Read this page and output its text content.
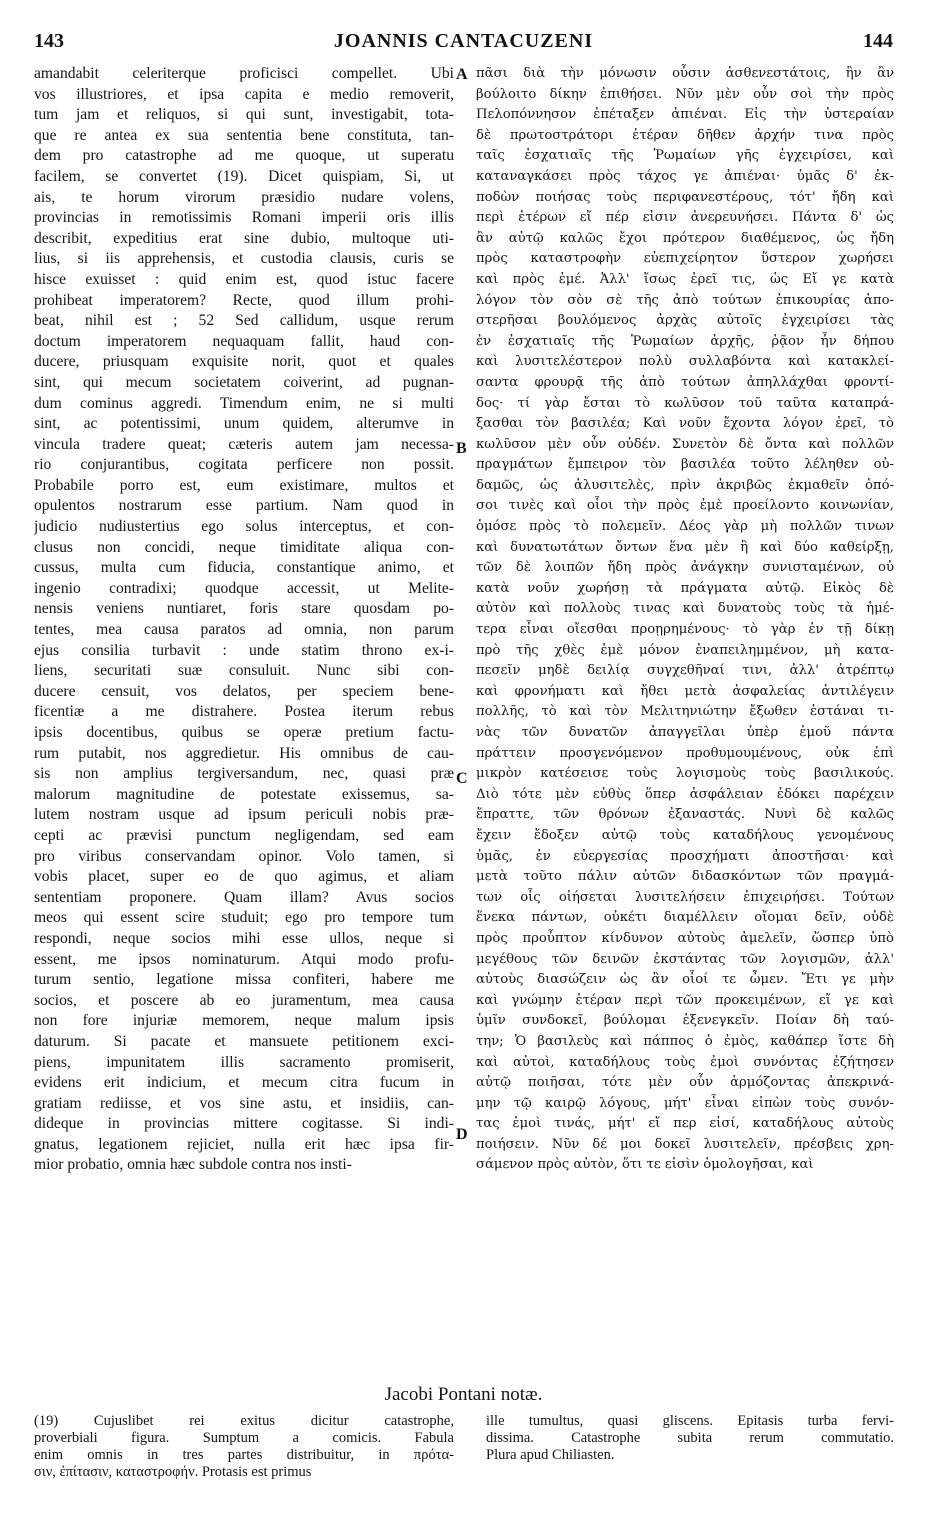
143	JOANNIS CANTACUZENI	144
amandabit celeriterque proficisci compellet. Ubi
vos illustriores, et ipsa capita e medio removerit,
tum jam et reliquos, si qui sunt, investigabit, tota-
que re antea ex sua sententia bene constituta, tan-
dem pro catastrophe ad me quoque, ut superatu
facilem, se convertet (19). Dicet quispiam, Si, ut
ais, te horum virorum præsidio nudare volens,
provincias in remotissimis Romani imperii oris illis
describit, expeditius erat sine dubio, multoque uti-
lius, si iis apprehensis, et custodia clausis, curis se
hisce exuisset : quid enim est, quod istuc facere
prohibeat imperatorem? Recte, quod illum prohi-
beat, nihil est ; 52 Sed callidum, usque rerum
doctum imperatorem nequaquam fallit, haud con-
ducere, priusquam exquisite norit, quot et quales
sint, qui mecum societatem coiverint, ad pugnan-
dum cominus aggredi. Timendum enim, ne si multi
sint, ac potentissimi, unum quidem, alterumve in
vincula tradere queat; cæteris autem jam necessa-
rio conjurantibus, cogitata perficere non possit.
Probabile porro est, eum existimare, multos et
opulentos nostrarum esse partium. Nam quod in
judicio nudiustertius ego solus interceptus, et con-
clusus non concidi, neque timiditate aliqua con-
cussus, multa cum fiducia, constantique animo, et
ingenio contradixi; quodque accessit, ut Melite-
nensis veniens nuntiaret, foris stare quosdam po-
tentes, mea causa paratos ad omnia, non parum
ejus consilia turbavit : unde statim throno ex-i-
liens, securitati suæ consuluit. Nunc sibi con-
ducere censuit, vos delatos, per speciem bene-
ficentiæ a me distrahere. Postea iterum rebus
ipsis docentibus, quibus se operæ pretium factu-
rum putabit, nos aggredietur. His omnibus de cau-
sis non amplius tergiversandum, nec, quasi præ
malorum magnitudine de potestate exissemus, sa-
lutem nostram usque ad ipsum periculi nobis præ-
cepti ac prævisi punctum negligendam, sed eam
pro viribus conservandam opinor. Volo tamen, si
vobis placet, super eo de quo agimus, et aliam
sententiam proponere. Quam illam? Avus socios
meos qui essent scire studuit; ego pro tempore tum
respondi, neque socios mihi esse ullos, neque si
essent, me ipsos nominaturum. Atqui modo profu-
turum sentio, legatione missa confiteri, habere me
socios, et poscere ab eo juramentum, mea causa
non fore injuriæ memorem, neque malum ipsis
daturum. Si pacate et mansuete petitionem exci-
piens, impunitatem illis sacramento promiserit,
evidens erit indicium, et mecum citra fucum in
gratiam rediisse, et vos sine astu, et insidiis, can-
dideque in provincias mittere cogitasse. Si indi-
gnatus, legationem rejiciet, nulla erit hæc ipsa fir-
mior probatio, omnia hæc subdole contra nos insti-
πᾶσι διὰ τὴν μόνωσιν οὖσιν ἀσθενεστάτοις, ἣν ἂν
βούλοιτο δίκην ἐπιθήσει. Νῦν μὲν οὖν σοὶ τὴν πρὸς
Πελοπόννησον ἐπέταξεν ἀπιέναι. Εἰς τὴν ὑστεραίαν
δὲ πρωτοστράτορι ἑτέραν δῆθεν ἀρχήν τινα πρὸς
ταῖς ἐσχατιαῖς τῆς Ῥωμαίων γῆς ἐγχειρίσει, καὶ
καταναγκάσει πρὸς τάχος γε ἀπιέναι· ὑμᾶς δ' ἐκ-
ποδὼν ποιήσας τοὺς περιφανεστέρους, τότ' ἤδη καὶ
περὶ ἑτέρων εἴ πέρ εἰσιν ἀνερευνήσει. Πάντα δ' ὡς
ἂν αὐτῷ καλῶς ἔχοι πρότερον διαθέμενος, ὡς ἤδη
πρὸς καταστροφὴν εὐεπιχείρητον ὕστερον χωρήσει
καὶ πρὸς ἐμέ. Ἀλλ' ἴσως ἐρεῖ τις, ὡς Εἴ γε κατὰ
λόγον τὸν σὸν σὲ τῆς ἀπὸ τούτων ἐπικουρίας ἀπο-
στερῆσαι βουλόμενος ἀρχὰς αὐτοῖς ἐγχειρίσει τὰς
ἐν ἐσχατιαῖς τῆς Ῥωμαίων ἀρχῆς, ῥᾷον ἦν δήπου
καὶ λυσιτελέστερον πολὺ συλλαβόντα καὶ κατακλεί-
σαντα φρουρᾷ τῆς ἀπὸ τούτων ἀπηλλάχθαι φροντί-
δος· τί γὰρ ἔσται τὸ κωλῦσον τοῦ ταῦτα καταπρά-
ξασθαι τὸν βασιλέα; Καὶ νοῦν ἔχοντα λόγον ἐρεῖ, τὸ
κωλῦσον μὲν οὖν οὐδέν. Συνετὸν δὲ ὄντα καὶ πολλῶν
πραγμάτων ἔμπειρον τὸν βασιλέα τοῦτο λέληθεν οὐ-
δαμῶς, ὡς ἀλυσιτελὲς, πρὶν ἀκριβῶς ἐκμαθεῖν ὁπό-
σοι τινὲς καὶ οἷοι τὴν πρὸς ἐμὲ προείλοντο κοινωνίαν,
ὁμόσε πρὸς τὸ πολεμεῖν. Δέος γὰρ μὴ πολλῶν τινων
καὶ δυνατωτάτων ὄντων ἕνα μὲν ἢ καὶ δύο καθείρξῃ,
τῶν δὲ λοιπῶν ἤδη πρὸς ἀνάγκην συνισταμένων, οὐ
κατὰ νοῦν χωρήσῃ τὰ πράγματα αὐτῷ. Εἰκὸς δὲ
αὐτὸν καὶ πολλοὺς τινας καὶ δυνατοὺς τοὺς τὰ ἡμέ-
τερα εἶναι οἴεσθαι προῃρημένους· τὸ γὰρ ἐν τῇ δίκῃ
πρὸ τῆς χθὲς ἐμὲ μόνον ἐναπειλημμένον, μὴ κατα-
πεσεῖν μηδὲ δειλίᾳ συγχεθῆναί τινι, ἀλλ' ἀτρέπτῳ
καὶ φρονήματι καὶ ἤθει μετὰ ἀσφαλείας ἀντιλέγειν
πολλῆς, τὸ καὶ τὸν Μελιτηνιώτην ἔξωθεν ἑστάναι τι-
νὰς τῶν δυνατῶν ἀπαγγεῖλαι ὑπὲρ ἐμοῦ πάντα
πράττειν προσγενόμενον προθυμουμένους, οὐκ ἐπὶ
μικρὸν κατέσεισε τοὺς λογισμοὺς τοὺς βασιλικούς.
Διὸ τότε μὲν εὐθὺς ὅπερ ἀσφάλειαν ἐδόκει παρέχειν
ἔπραττε, τῶν θρόνων ἐξαναστάς. Νυνὶ δὲ καλῶς
ἔχειν ἔδοξεν αὐτῷ τοὺς καταδήλους γενομένους
ὑμᾶς, ἐν εὐεργεσίας προσχήματι ἀποστῆσαι· καὶ
μετὰ τοῦτο πάλιν αὐτῶν διδασκόντων τῶν πραγμά-
των οἷς οἰήσεται λυσιτελήσειν ἐπιχειρήσει. Τούτων
ἕνεκα πάντων, οὐκέτι διαμέλλειν οἴομαι δεῖν, οὐδὲ
πρὸς προὖπτον κίνδυνον αὐτοὺς ἀμελεῖν, ὥσπερ ὑπὸ
μεγέθους τῶν δεινῶν ἐκστάντας τῶν λογισμῶν, ἀλλ'
αὐτοὺς διασώζειν ὡς ἂν οἷοί τε ὦμεν. Ἔτι γε μὴν
καὶ γνώμην ἑτέραν περὶ τῶν προκειμένων, εἴ γε καὶ
ὑμῖν συνδοκεῖ, βούλομαι ἐξενεγκεῖν. Ποίαν δὴ ταύ-
την; Ὁ βασιλεὺς καὶ πάππος ὁ ἐμὸς, καθάπερ ἴστε δὴ
καὶ αὐτοὶ, καταδήλους τοὺς ἐμοὶ συνόντας ἐζήτησεν
αὐτῷ ποιῆσαι, τότε μὲν οὖν ἁρμόζοντας ἀπεκρινά-
μην τῷ καιρῷ λόγους, μήτ' εἶναι εἰπὼν τοὺς συνόν-
τας ἐμοὶ τινάς, μήτ' εἴ περ εἰσί, καταδήλους αὐτοὺς
ποιήσειν. Νῦν δέ μοι δοκεῖ λυσιτελεῖν, πρέσβεις χρη-
σάμενον πρὸς αὐτὸν, ὅτι τε εἰσὶν ὁμολογῆσαι, καὶ
A
B
C
D
Jacobi Pontani notæ.
(19) Cujuslibet rei exitus dicitur catastrophe,
proverbiali figura. Sumptum a comicis. Fabula
enim omnis in tres partes distribuitur, in πρότα-
σιν, ἐπίτασιν, καταστροφήν. Protasis est primus
ille tumultus, quasi gliscens. Epitasis turba fervi-
dissima. Catastrophe subita rerum commutatio.
Plura apud Chiliasten.
